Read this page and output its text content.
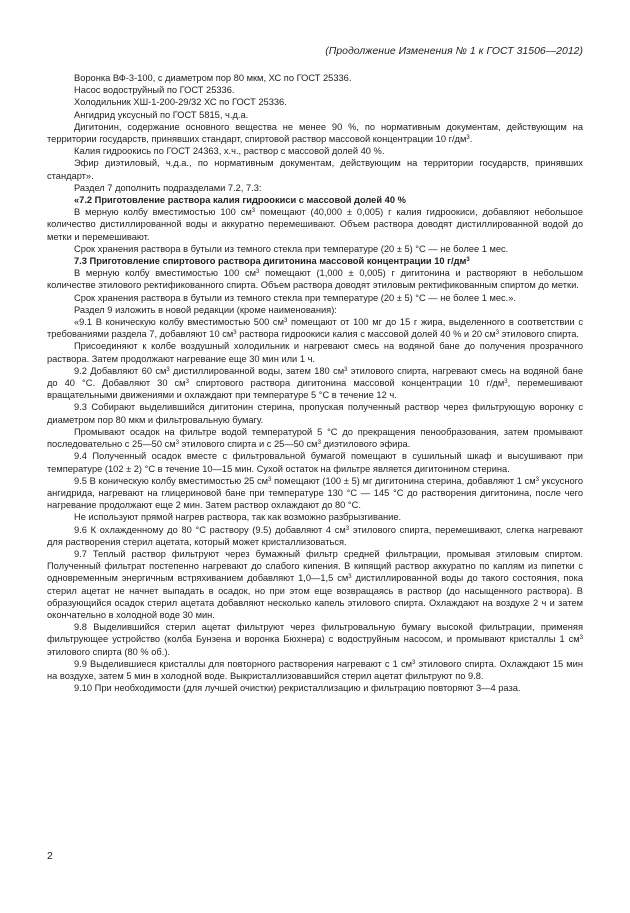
(Продолжение Изменения № 1 к ГОСТ 31506—2012)

Воронка ВФ-3-100, с диаметром пор 80 мкм, ХС по ГОСТ 25336.

Насос водоструйный по ГОСТ 25336.

Холодильник ХШ-1-200-29/32 ХС по ГОСТ 25336.

Ангидрид уксусный по ГОСТ 5815, ч.д.а.

Дигитонин, содержание основного вещества не менее 90 %, по нормативным документам, действующим на территории государств, принявших стандарт, спиртовой раствор массовой концентрации 10 $г/дм^3$.

Калия гидроокись по ГОСТ 24363, х.ч., раствор с массовой долей 40 %.

Эфир диэтиловый, ч.д.а., по нормативным документам, действующим на территории государств, принявших стандарт».

Раздел 7 дополнить подразделами 7.2, 7.3:

«7.2 Приготовление раствора калия гидроокиси с массовой долей 40 %

В мерную колбу вместимостью 100 $см^3$ помещают (40,000 ± 0,005) г калия гидроокиси, добавляют небольшое количество дистиллированной воды и аккуратно перемешивают. Объем раствора доводят дистиллированной водой до метки и перемешивают.

Срок хранения раствора в бутыли из темного стекла при температуре (20 ± 5) °С — не более 1 мес.

7.3 Приготовление спиртового раствора дигитонина массовой концентрации 10 $г/дм^3$

В мерную колбу вместимостью 100 $см^3$ помещают (1,000 ± 0,005) г дигитонина и растворяют в небольшом количестве этилового ректификованного спирта. Объем раствора доводят этиловым ректификованным спиртом до метки.

Срок хранения раствора в бутыли из темного стекла при температуре (20 ± 5) °С — не более 1 мес.».

Раздел 9 изложить в новой редакции (кроме наименования):

«9.1 В коническую колбу вместимостью 500 $см^3$ помещают от 100 мг до 15 г жира, выделенного в соответствии с требованиями раздела 7, добавляют 10 $см^3$ раствора гидроокиси калия с массовой долей 40 % и 20 $см^3$ этилового спирта.

Присоединяют к колбе воздушный холодильник и нагревают смесь на водяной бане до получения прозрачного раствора. Затем продолжают нагревание еще 30 мин или 1 ч.

9.2 Добавляют 60 $см^3$ дистиллированной воды, затем 180 $см^3$ этилового спирта, нагревают смесь на водяной бане до 40 °С. Добавляют 30 $см^3$ спиртового раствора дигитонина массовой концентрации 10 $г/дм^3$, перемешивают вращательными движениями и охлаждают при температуре 5 °С в течение 12 ч.

9.3 Собирают выделившийся дигитонин стерина, пропуская полученный раствор через фильтрующую воронку с диаметром пор 80 мкм и фильтровальную бумагу.

Промывают осадок на фильтре водой температурой 5 °С до прекращения пенообразования, затем промывают последовательно с 25—50 $см^3$ этилового спирта и с 25—50 $см^3$ диэтилового эфира.

9.4 Полученный осадок вместе с фильтровальной бумагой помещают в сушильный шкаф и высушивают при температуре (102 ± 2) °С в течение 10—15 мин. Сухой остаток на фильтре является дигитонином стерина.

9.5 В коническую колбу вместимостью 25 $см^3$ помещают (100 ± 5) мг дигитонина стерина, добавляют 1 $см^3$ уксусного ангидрида, нагревают на глицериновой бане при температуре 130 °С — 145 °С до растворения дигитонина, после чего нагревание продолжают еще 2 мин. Затем раствор охлаждают до 80 °С.

Не используют прямой нагрев раствора, так как возможно разбрызгивание.

9.6 К охлажденному до 80 °С раствору (9.5) добавляют 4 $см^3$ этилового спирта, перемешивают, слегка нагревают для растворения стерил ацетата, который может кристаллизоваться.

9.7 Теплый раствор фильтруют через бумажный фильтр средней фильтрации, промывая этиловым спиртом. Полученный фильтрат постепенно нагревают до слабого кипения. В кипящий раствор аккуратно по каплям из пипетки с одновременным энергичным встряхиванием добавляют 1,0—1,5 $см^3$ дистиллированной воды до такого состояния, пока стерил ацетат не начнет выпадать в осадок, но при этом еще возвращаясь в раствор (до насыщенного раствора). В образующийся осадок стерил ацетата добавляют несколько капель этилового спирта. Охлаждают на воздухе 2 ч и затем окончательно в холодной воде 30 мин.

9.8 Выделившийся стерил ацетат фильтруют через фильтровальную бумагу высокой фильтрации, применяя фильтрующее устройство (колба Бунзена и воронка Бюхнера) с водоструйным насосом, и промывают кристаллы 1 $см^3$ этилового спирта (80 % об.).

9.9 Выделившиеся кристаллы для повторного растворения нагревают с 1 $см^3$ этилового спирта. Охлаждают 15 мин на воздухе, затем 5 мин в холодной воде. Выкристаллизовавшийся стерил ацетат фильтруют по 9.8.

9.10 При необходимости (для лучшей очистки) рекристаллизацию и фильтрацию повторяют 3—4 раза.

2
